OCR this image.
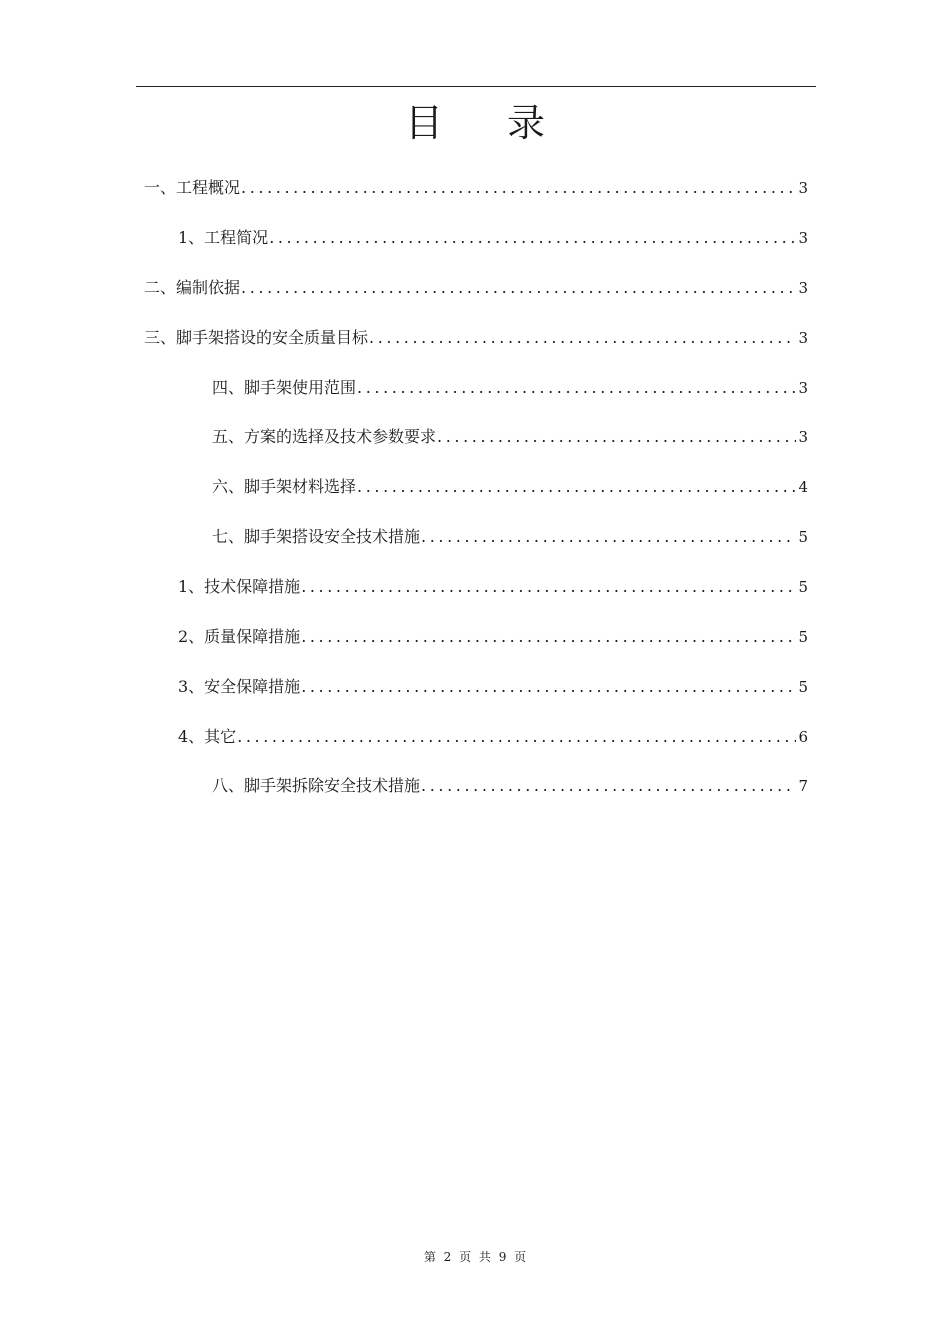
目录
一、工程概况 .....	3
1、工程简况 .....	3
二、编制依据 .....	3
三、脚手架搭设的安全质量目标 .....	3
四、脚手架使用范围 .....	3
五、方案的选择及技术参数要求 .....	3
六、脚手架材料选择 .....	4
七、脚手架搭设安全技术措施 .....	5
1、技术保障措施 .....	5
2、质量保障措施 .....	5
3、安全保障措施 .....	5
4、其它 .....	6
八、脚手架拆除安全技术措施 .....	7
第 2 页 共 9 页
